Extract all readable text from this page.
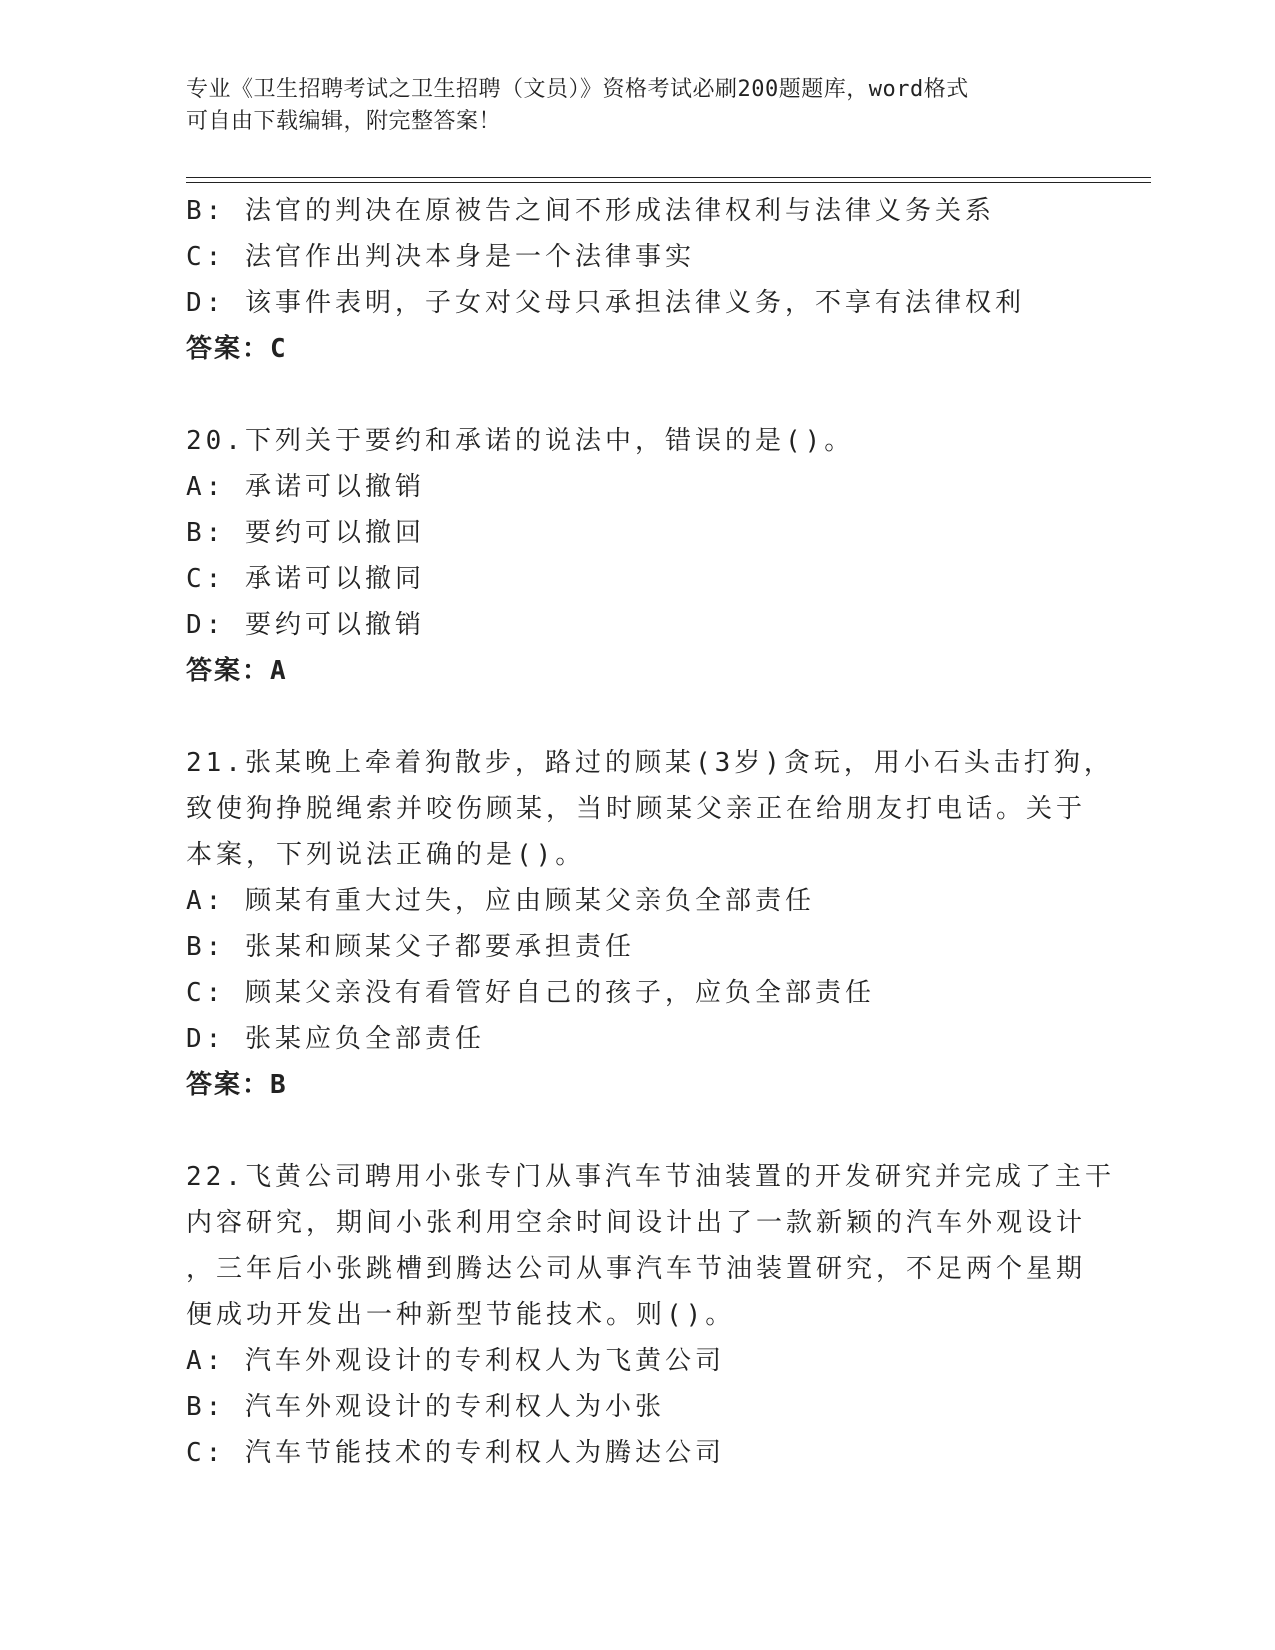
专业《卫生招聘考试之卫生招聘（文员）》资格考试必刷200题题库，word格式
可自由下载编辑，附完整答案！
B: 法官的判决在原被告之间不形成法律权利与法律义务关系
C: 法官作出判决本身是一个法律事实
D: 该事件表明，子女对父母只承担法律义务，不享有法律权利
答案：C
20.下列关于要约和承诺的说法中，错误的是()。
A: 承诺可以撤销
B: 要约可以撤回
C: 承诺可以撤同
D: 要约可以撤销
答案：A
21.张某晚上牵着狗散步，路过的顾某(3岁)贪玩，用小石头击打狗，
致使狗挣脱绳索并咬伤顾某，当时顾某父亲正在给朋友打电话。关于
本案，下列说法正确的是()。
A: 顾某有重大过失，应由顾某父亲负全部责任
B: 张某和顾某父子都要承担责任
C: 顾某父亲没有看管好自己的孩子，应负全部责任
D: 张某应负全部责任
答案：B
22.飞黄公司聘用小张专门从事汽车节油装置的开发研究并完成了主干
内容研究，期间小张利用空余时间设计出了一款新颖的汽车外观设计
，三年后小张跳槽到腾达公司从事汽车节油装置研究，不足两个星期
便成功开发出一种新型节能技术。则()。
A: 汽车外观设计的专利权人为飞黄公司
B: 汽车外观设计的专利权人为小张
C: 汽车节能技术的专利权人为腾达公司
